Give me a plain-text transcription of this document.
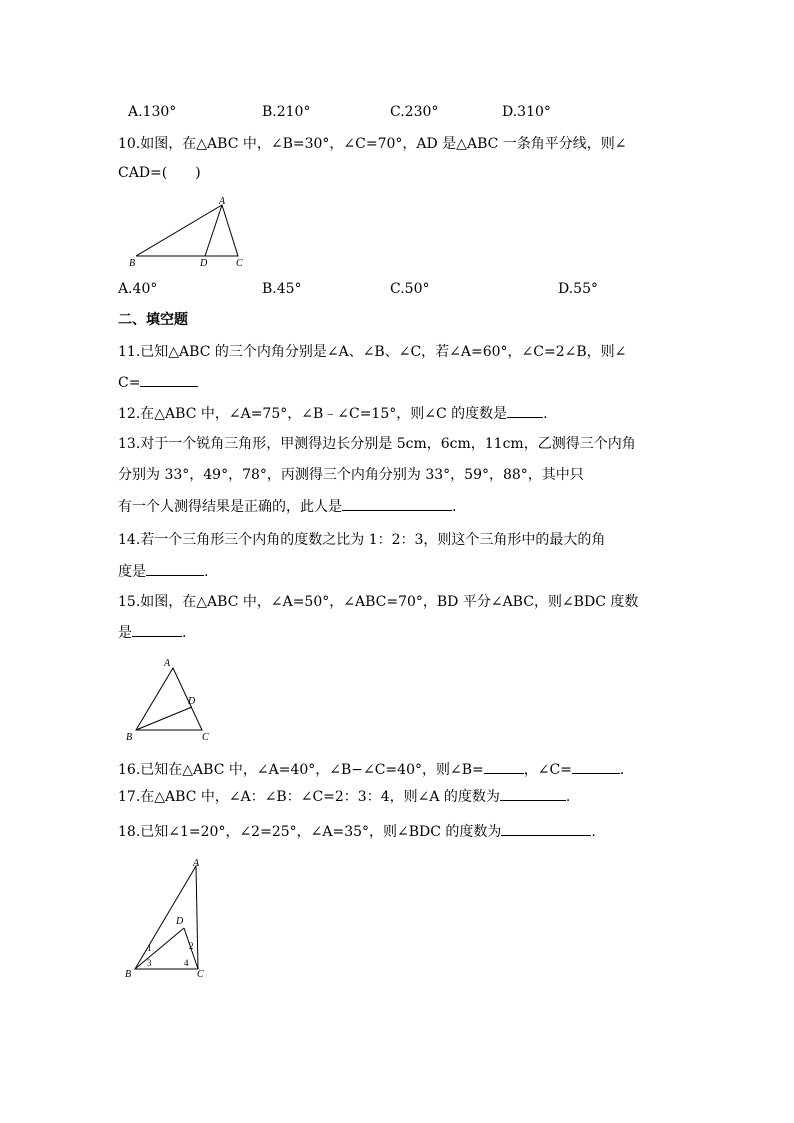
A.130°	B.210°	C.230°	D.310°
10.如图，在△ABC 中，∠B=30°，∠C=70°，AD 是△ABC 一条角平分线，则∠
CAD=(　　)
A
B	C
D
A.40°	B.45°	C.50°	D.55°
二、填空题
11.已知△ABC 的三个内角分别是∠A、∠B、∠C，若∠A=60°，∠C=2∠B，则∠
C=
12.在△ABC 中，∠A=75°，∠B﹣∠C=15°，则∠C 的度数是	.
13.对于一个锐角三角形，甲测得边长分别是 5cm，6cm，11cm，乙测得三个内角
分别为 33°，49°，78°，丙测得三个内角分别为 33°，59°，88°，其中只
有一个人测得结果是正确的，此人是	.
14.若一个三角形三个内角的度数之比为 1：2：3，则这个三角形中的最大的角
度是	.
15.如图，在△ABC 中，∠A=50°，∠ABC=70°，BD 平分∠ABC，则∠BDC 度数
是	.
A
B	C
D
16.已知在△ABC 中，∠A=40°，∠B−∠C=40°，则∠B=	，∠C=	.
17.在△ABC 中，∠A：∠B：∠C=2：3：4，则∠A 的度数为	.
18.已知∠1=20°，∠2=25°，∠A=35°，则∠BDC 的度数为	.
A
B	C
D
1	2
3	4
